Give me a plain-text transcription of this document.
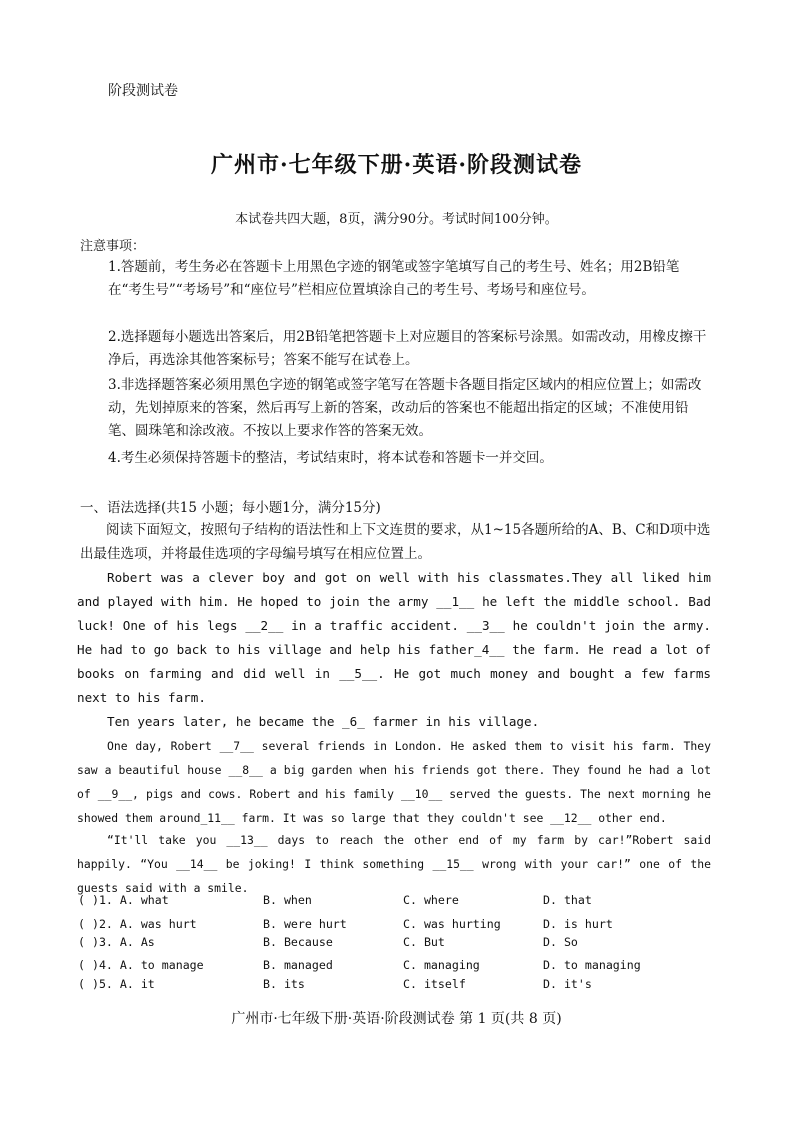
阶段测试卷
广州市·七年级下册·英语·阶段测试卷
本试卷共四大题，8页，满分90分。考试时间100分钟。
注意事项：
1.答题前，考生务必在答题卡上用黑色字迹的钢笔或签字笔填写自己的考生号、姓名；用2B铅笔在“考生号”“考场号”和“座位号”栏相应位置填涂自己的考生号、考场号和座位号。
2.选择题每小题选出答案后，用2B铅笔把答题卡上对应题目的答案标号涂黑。如需改动，用橡皮擦干净后，再选涂其他答案标号；答案不能写在试卷上。
3.非选择题答案必须用黑色字迹的钢笔或签字笔写在答题卡各题目指定区域内的相应位置上；如需改动，先划掉原来的答案，然后再写上新的答案，改动后的答案也不能超出指定的区域；不准使用铅笔、圆珠笔和涂改液。不按以上要求作答的答案无效。
4.考生必须保持答题卡的整洁，考试结束时，将本试卷和答题卡一并交回。
一、语法选择(共15 小题；每小题1分，满分15分)
阅读下面短文，按照句子结构的语法性和上下文连贯的要求，从1~15各题所给的A、B、C和D项中选出最佳选项，并将最佳选项的字母编号填写在相应位置上。
Robert was a clever boy and got on well with his classmates.They all liked him and played with him. He hoped to join the army __1__ he left the middle school. Bad luck! One of his legs __2__ in a traffic accident. __3__ he couldn't join the army. He had to go back to his village and help his father_4__ the farm. He read a lot of books on farming and did well in __5__. He got much money and bought a few farms next to his farm.
Ten years later, he became the _6_ farmer in his village.
One day, Robert __7__ several friends in London. He asked them to visit his farm. They saw a beautiful house __8__ a big garden when his friends got there. They found he had a lot of __9__, pigs and cows. Robert and his family __10__ served the guests. The next morning he showed them around_11__ farm. It was so large that they couldn't see __12__ other end.
“It'll take you __13__ days to reach the other end of my farm by car!”Robert said happily. “You __14__ be joking! I think something __15__ wrong with your car!” one of the guests said with a smile.
( )1. A. what	B. when	C. where	D. that
( )2. A. was hurt	B. were hurt	C. was hurting	D. is hurt
( )3. A. As	B. Because	C. But	D. So
( )4. A. to manage	B. managed	C. managing	D. to managing
( )5. A. it	B. its	C. itself	D. it's
广州市·七年级下册·英语·阶段测试卷 第 1 页(共 8 页)
